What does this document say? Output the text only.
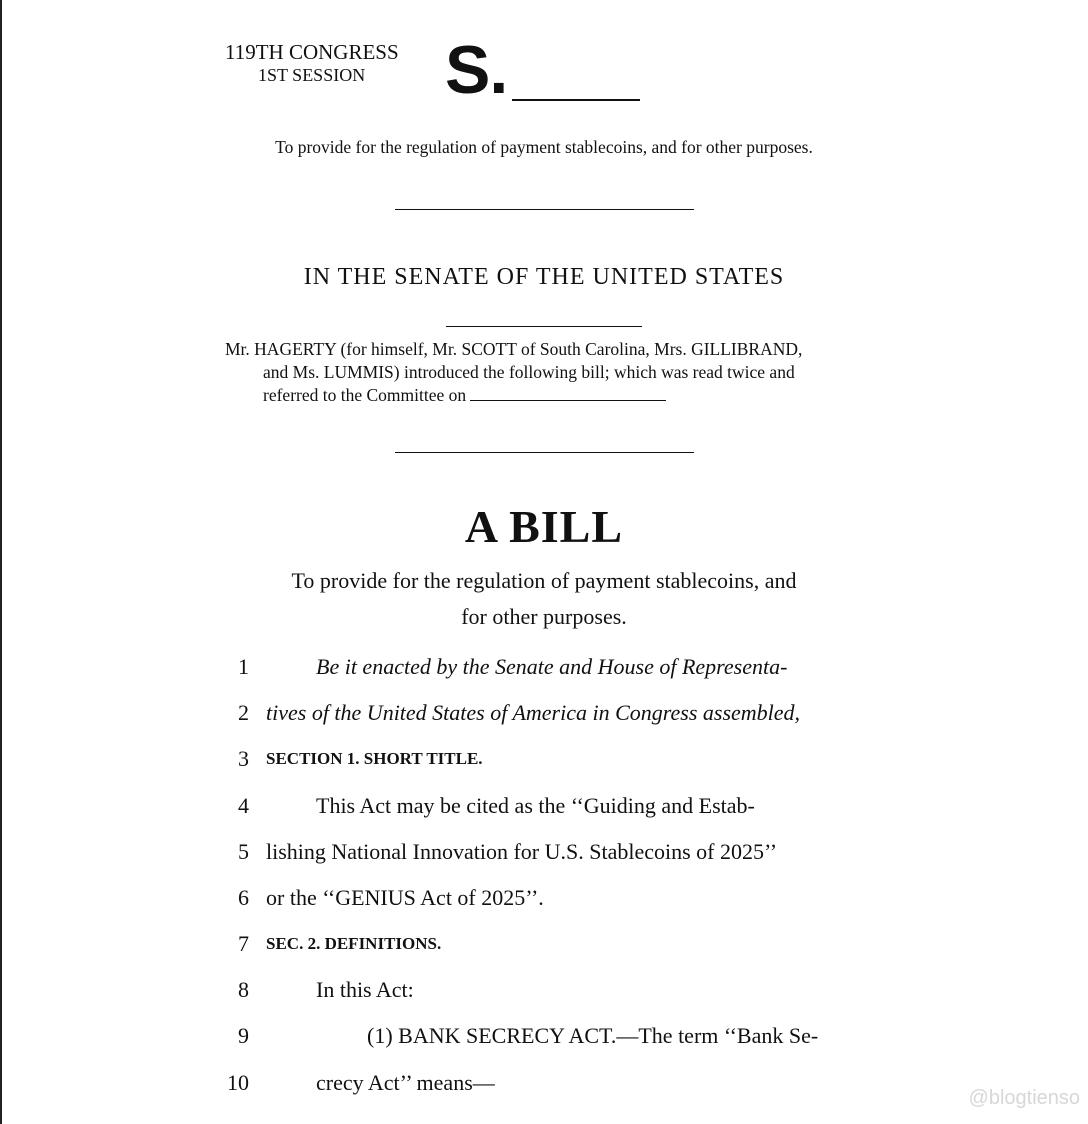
119TH CONGRESS
1ST SESSION S.
To provide for the regulation of payment stablecoins, and for other purposes.
IN THE SENATE OF THE UNITED STATES
Mr. HAGERTY (for himself, Mr. SCOTT of South Carolina, Mrs. GILLIBRAND,
and Ms. LUMMIS) introduced the following bill; which was read twice and
referred to the Committee on
A BILL
To provide for the regulation of payment stablecoins, and
for other purposes.
1	Be it enacted by the Senate and House of Representa-
2 tives of the United States of America in Congress assembled,
3 SECTION 1. SHORT TITLE.
4	This Act may be cited as the ‘‘Guiding and Estab-
5 lishing National Innovation for U.S. Stablecoins of 2025’’
6 or the ‘‘GENIUS Act of 2025’’.
7 SEC. 2. DEFINITIONS.
8	In this Act:
9	(1) BANK SECRECY ACT.—The term ‘‘Bank Se-
10	crecy Act’’ means—
@blogtienso
